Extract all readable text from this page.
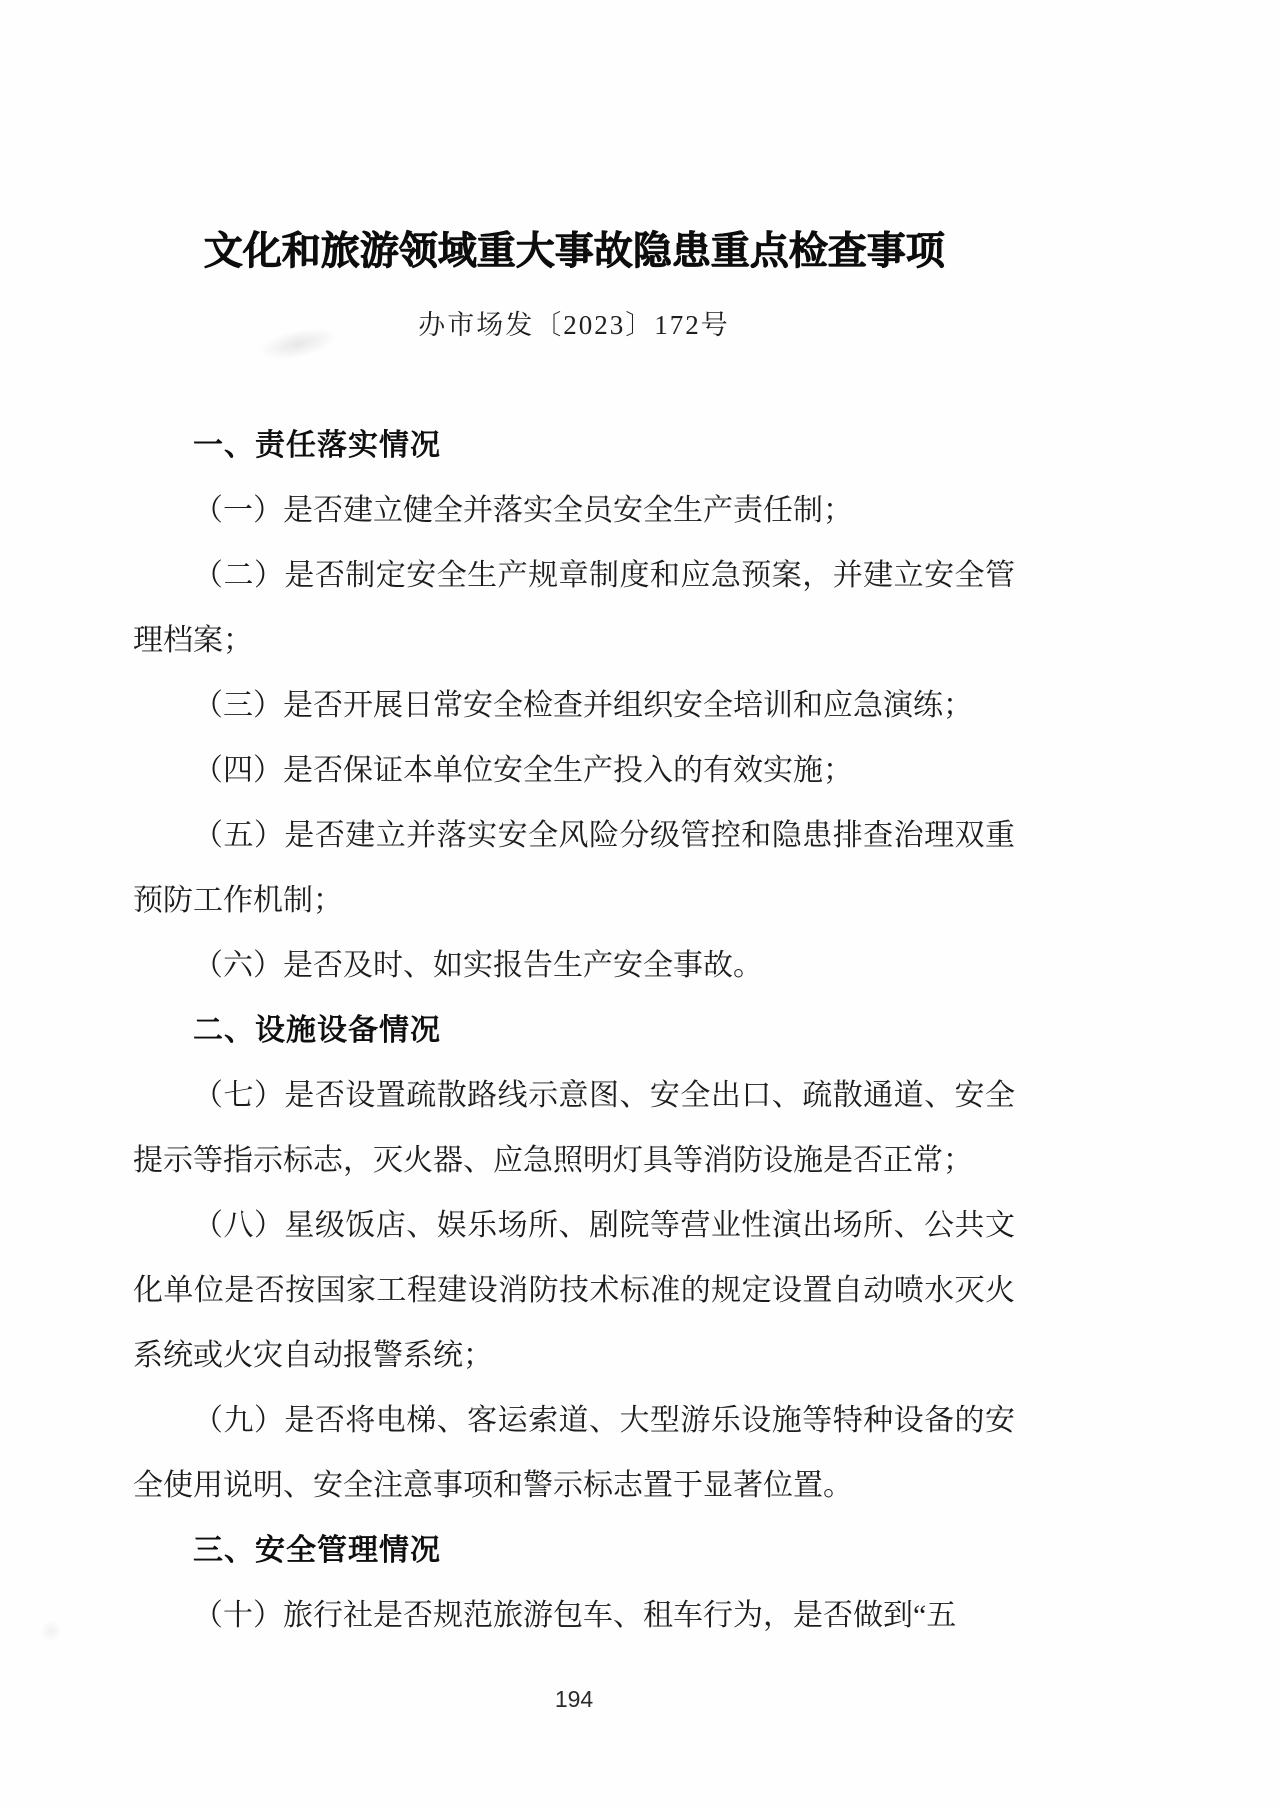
文化和旅游领域重大事故隐患重点检查事项
办市场发〔2023〕172号
一、责任落实情况

（一）是否建立健全并落实全员安全生产责任制；

（二）是否制定安全生产规章制度和应急预案，并建立安全管理档案；

（三）是否开展日常安全检查并组织安全培训和应急演练；

（四）是否保证本单位安全生产投入的有效实施；

（五）是否建立并落实安全风险分级管控和隐患排查治理双重预防工作机制；

（六）是否及时、如实报告生产安全事故。

二、设施设备情况

（七）是否设置疏散路线示意图、安全出口、疏散通道、安全提示等指示标志，灭火器、应急照明灯具等消防设施是否正常；

（八）星级饭店、娱乐场所、剧院等营业性演出场所、公共文化单位是否按国家工程建设消防技术标准的规定设置自动喷水灭火系统或火灾自动报警系统；

（九）是否将电梯、客运索道、大型游乐设施等特种设备的安全使用说明、安全注意事项和警示标志置于显著位置。

三、安全管理情况

（十）旅行社是否规范旅游包车、租车行为，是否做到“五

194
